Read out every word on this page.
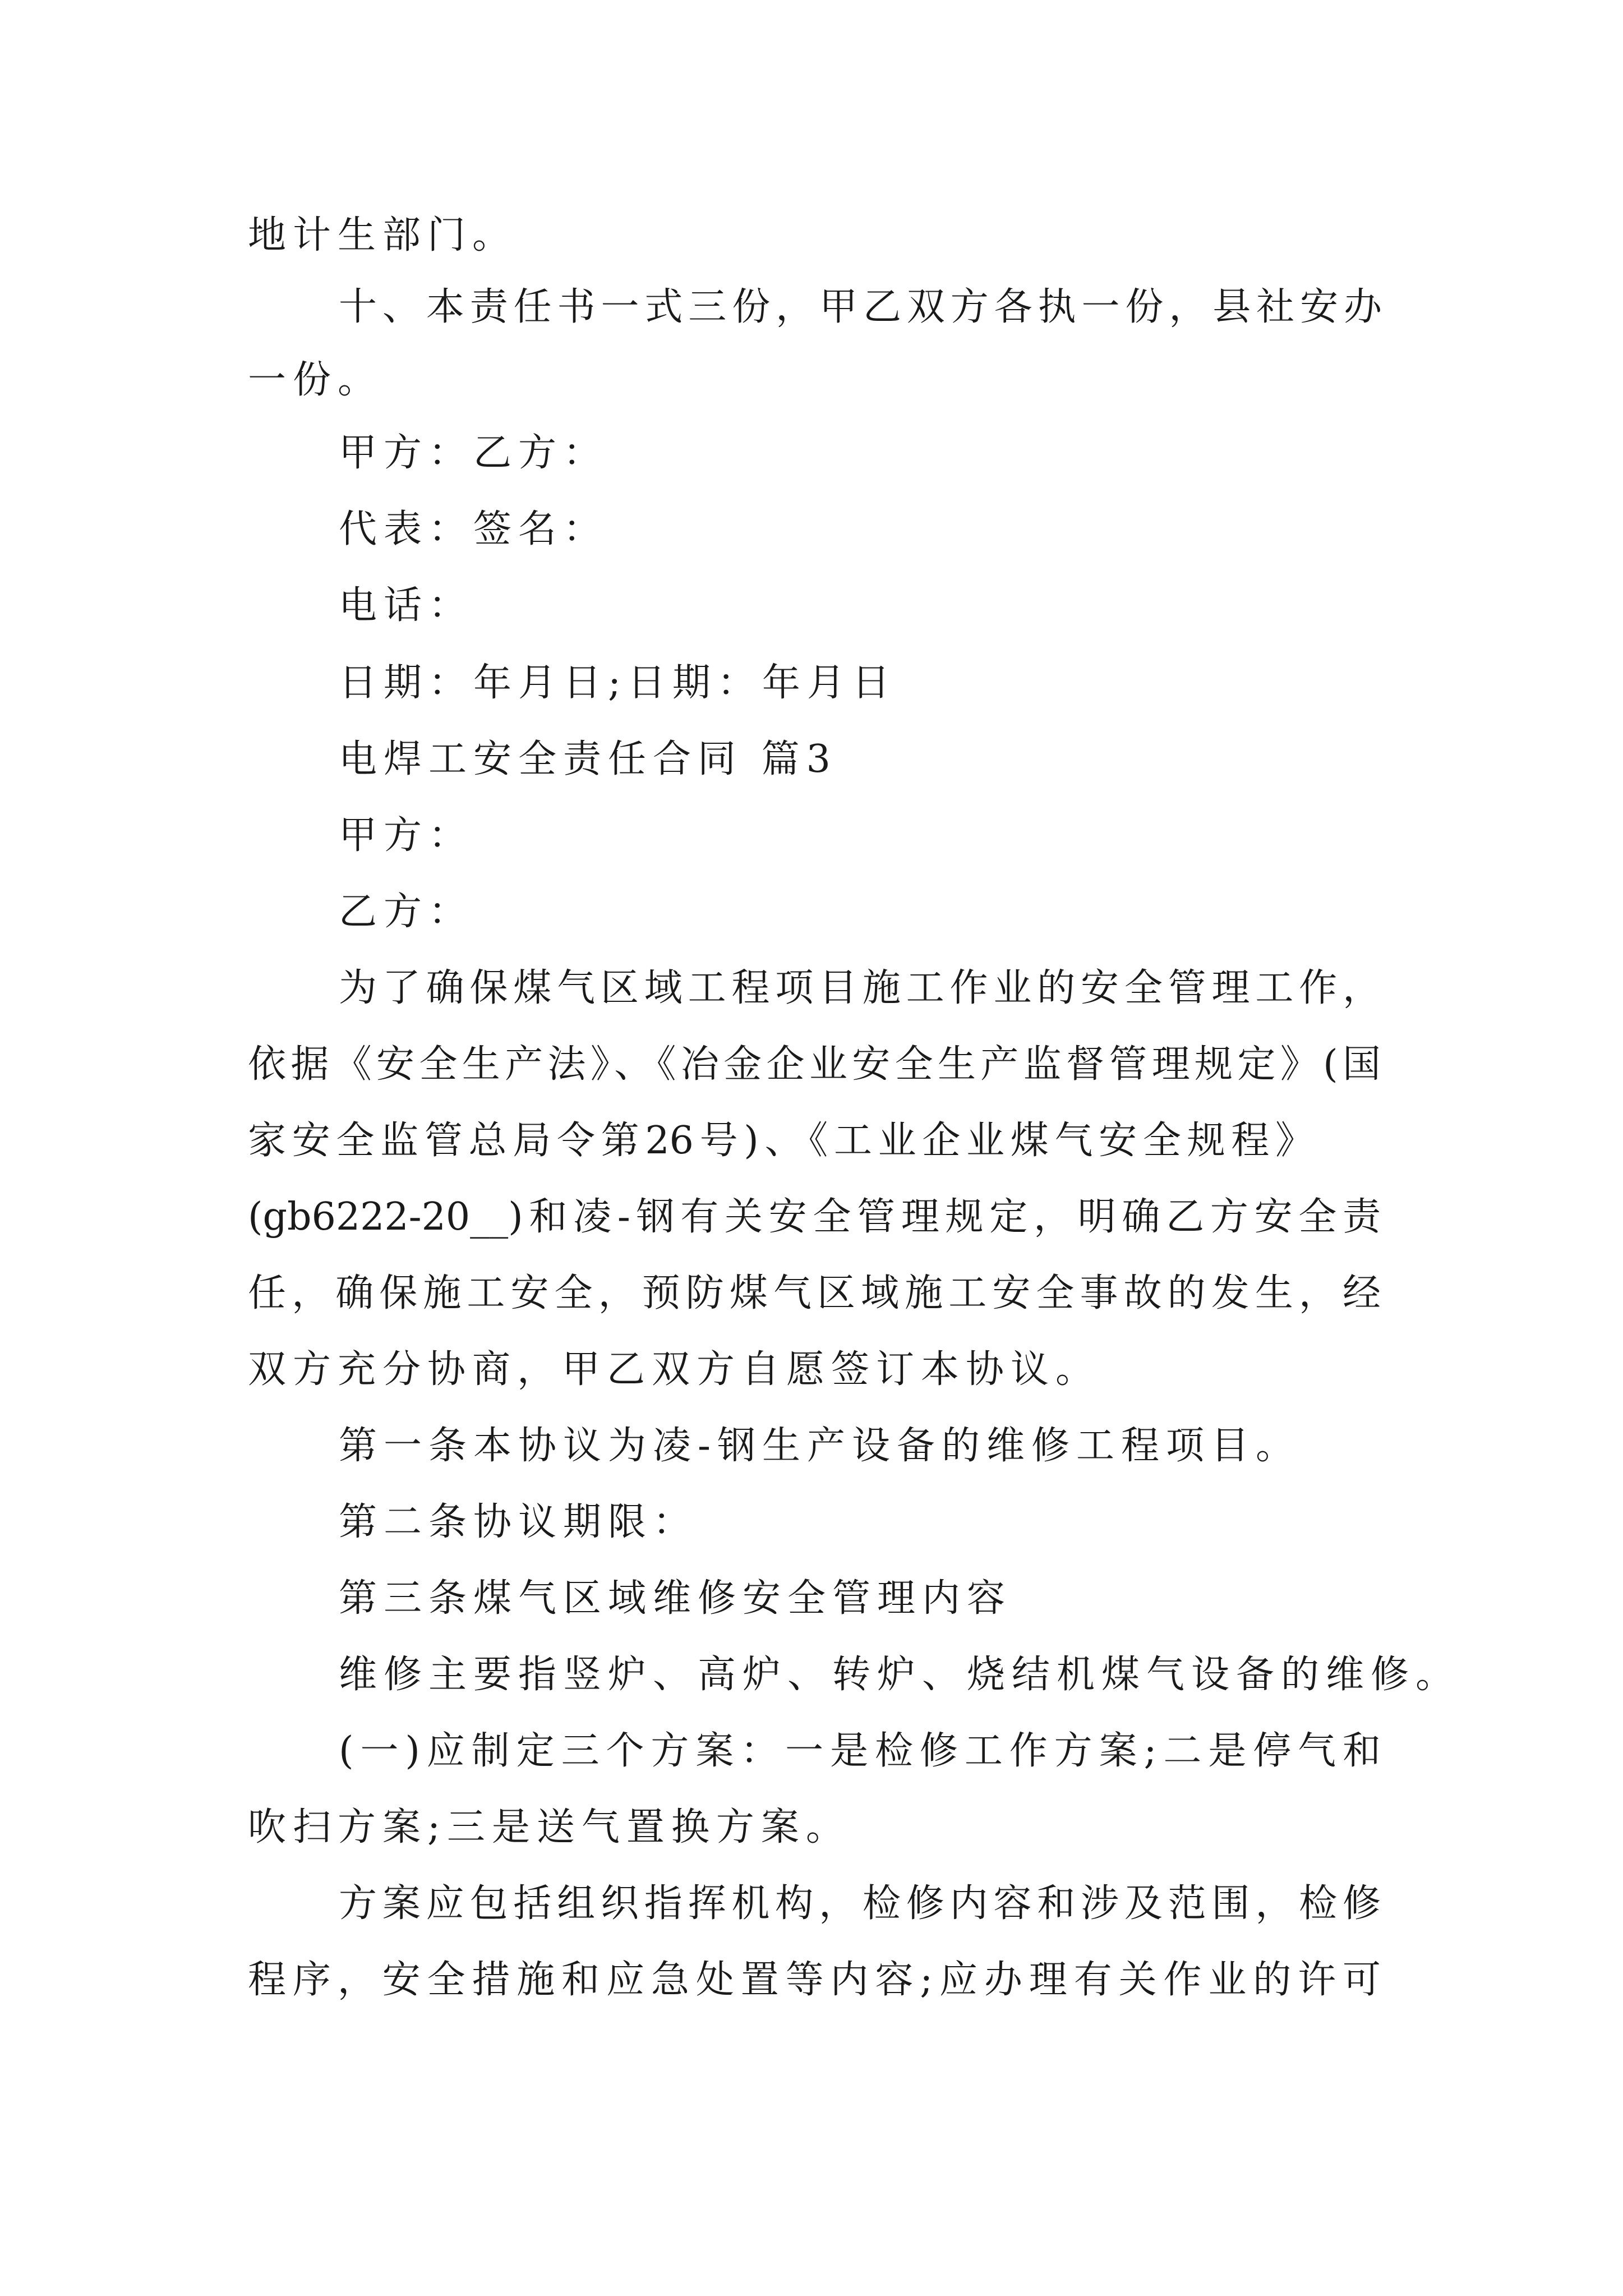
地计生部门。
十、本责任书一式三份，甲乙双方各执一份，县社安办
一份。
甲方：乙方：
代表：签名：
电话：
日期：年月日;日期：年月日
电焊工安全责任合同 篇3
甲方：
乙方：
为了确保煤气区域工程项目施工作业的安全管理工作，
依据《安全生产法》、《冶金企业安全生产监督管理规定》(国
家安全监管总局令第26号)、《工业企业煤气安全规程》
(gb6222-20__)和凌-钢有关安全管理规定，明确乙方安全责
任，确保施工安全，预防煤气区域施工安全事故的发生，经
双方充分协商，甲乙双方自愿签订本协议。
第一条本协议为凌-钢生产设备的维修工程项目。
第二条协议期限：
第三条煤气区域维修安全管理内容
维修主要指竖炉、高炉、转炉、烧结机煤气设备的维修。
(一)应制定三个方案：一是检修工作方案;二是停气和
吹扫方案;三是送气置换方案。
方案应包括组织指挥机构，检修内容和涉及范围，检修
程序，安全措施和应急处置等内容;应办理有关作业的许可
